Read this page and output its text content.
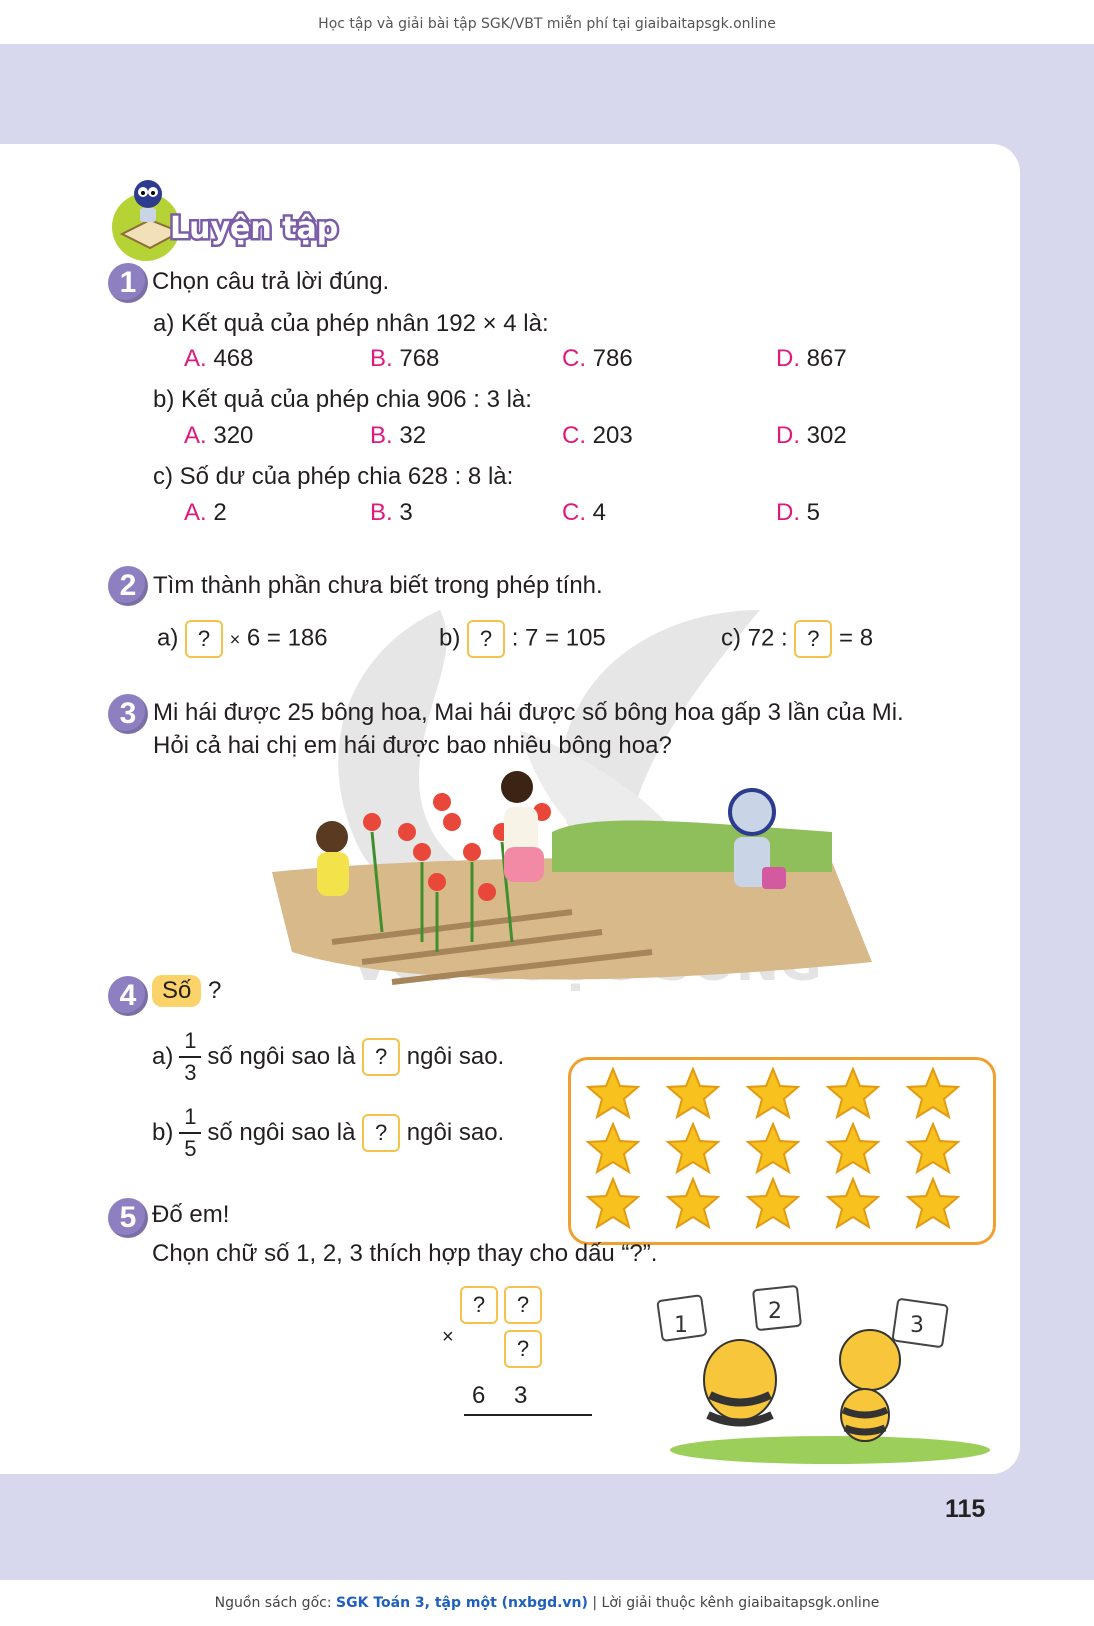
Học tập và giải bài tập SGK/VBT miễn phí tại giaibaitapsgk.online
Luyện tập
1 Chọn câu trả lời đúng.
a) Kết quả của phép nhân 192 × 4 là:
A. 468	B. 768	C. 786	D. 867
b) Kết quả của phép chia 906 : 3 là:
A. 320	B. 32	C. 203	D. 302
c) Số dư của phép chia 628 : 8 là:
A. 2	B. 3	C. 4	D. 5
2 Tìm thành phần chưa biết trong phép tính.
a) ? × 6 = 186	b) ? : 7 = 105	c) 72 : ? = 8
3 Mi hái được 25 bông hoa, Mai hái được số bông hoa gấp 3 lần của Mi.
Hỏi cả hai chị em hái được bao nhiêu bông hoa?
4	Số ?
$a) \frac{1}{3}$ số ngôi sao là ? ngôi sao.
$b) \frac{1}{5}$ số ngôi sao là ? ngôi sao.
5 Đố em!
Chọn chữ số 1, 2, 3 thích hợp thay cho dấu “?”.
?	?
×	?
6 3
1
2
3
115
Nguồn sách gốc: SGK Toán 3, tập một (nxbgd.vn) | Lời giải thuộc kênh giaibaitapsgk.online
